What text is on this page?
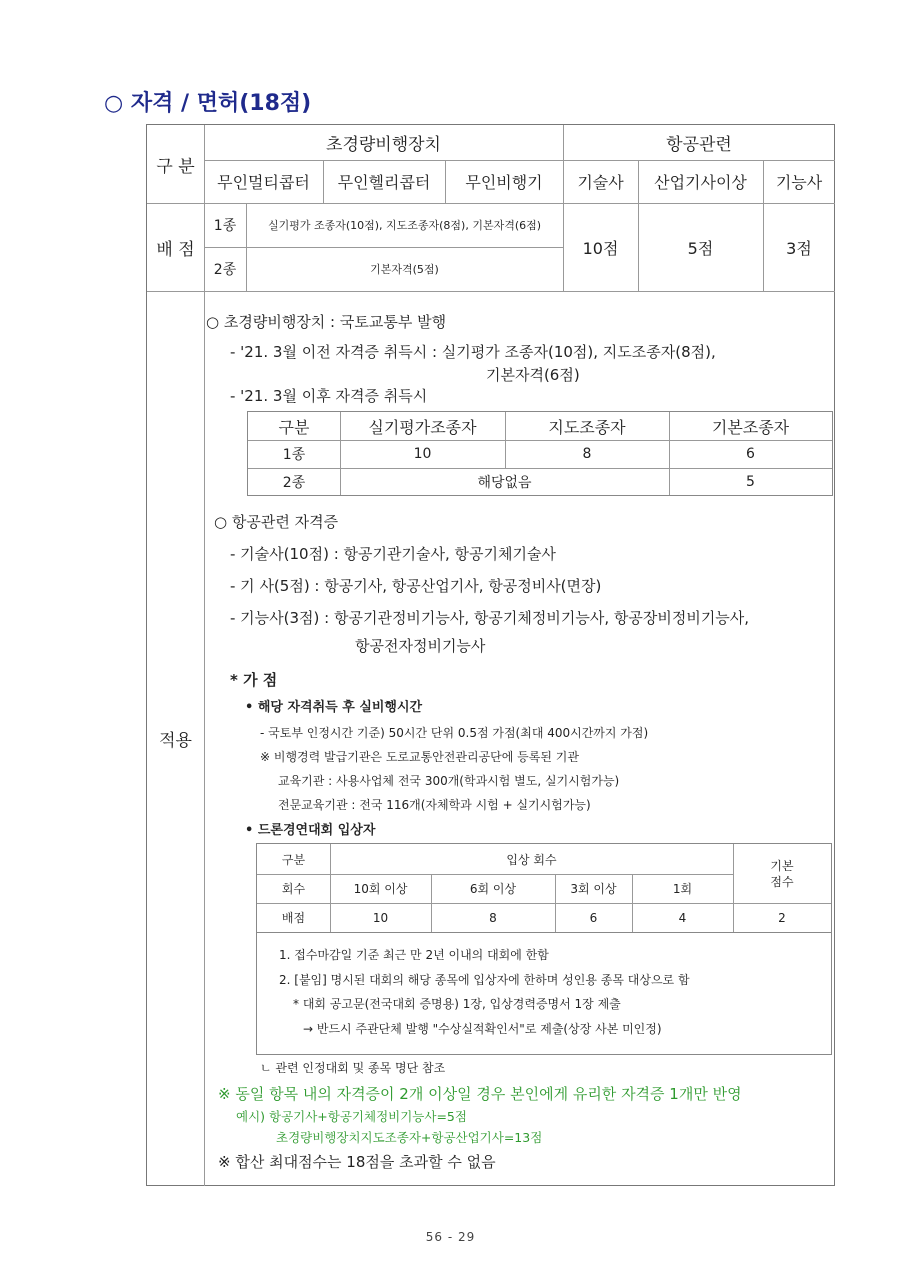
○ 자격 / 면허(18점)
구 분
초경량비행장치	항공관련
무인멀티콥터	무인헬리콥터	무인비행기	기술사	산업기사이상	기능사
배 점
1종	실기평가 조종자(10점), 지도조종자(8점), 기본자격(6점)
2종	기본자격(5점)
10점	5점	3점
적용
○ 초경량비행장치 : 국토교통부 발행
- '21. 3월 이전 자격증 취득시 : 실기평가 조종자(10점), 지도조종자(8점),
기본자격(6점)
- '21. 3월 이후 자격증 취득시
구분	실기평가조종자	지도조종자	기본조종자
1종	10	8	6
2종	해당없음	5
○ 항공관련 자격증
- 기술사(10점) : 항공기관기술사, 항공기체기술사
- 기 사(5점) : 항공기사, 항공산업기사, 항공정비사(면장)
- 기능사(3점) : 항공기관정비기능사, 항공기체정비기능사, 항공장비정비기능사,
항공전자정비기능사
* 가 점
• 해당 자격취득 후 실비행시간
- 국토부 인정시간 기준) 50시간 단위 0.5점 가점(최대 400시간까지 가점)
※ 비행경력 발급기관은 도로교통안전관리공단에 등록된 기관
교육기관 : 사용사업체 전국 300개(학과시험 별도, 실기시험가능)
전문교육기관 : 전국 116개(자체학과 시험 + 실기시험가능)
• 드론경연대회 입상자
구분	입상 회수	기본
점수
회수	10회 이상	6회 이상	3회 이상	1회
배점	10	8	6	4	2
1. 접수마감일 기준 최근 만 2년 이내의 대회에 한함
2. [붙임] 명시된 대회의 해당 종목에 입상자에 한하며 성인용 종목 대상으로 함
* 대회 공고문(전국대회 증명용) 1장, 입상경력증명서 1장 제출
→ 반드시 주관단체 발행 "수상실적확인서"로 제출(상장 사본 미인정)
ㄴ 관련 인정대회 및 종목 명단 참조
※ 동일 항목 내의 자격증이 2개 이상일 경우 본인에게 유리한 자격증 1개만 반영
예시) 항공기사+항공기체정비기능사=5점
초경량비행장치지도조종자+항공산업기사=13점
※ 합산 최대점수는 18점을 초과할 수 없음
56 - 29
